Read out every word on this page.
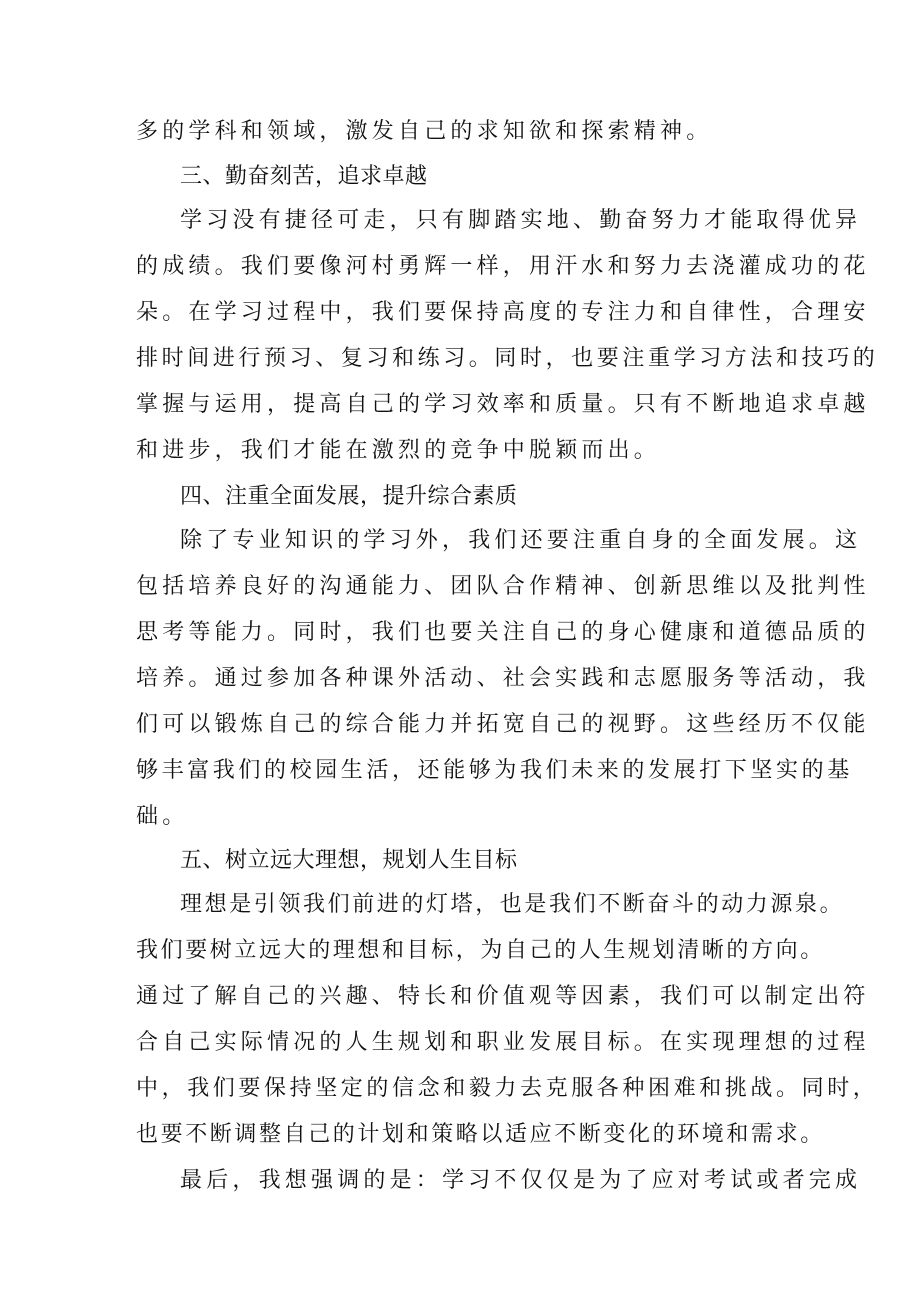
多的学科和领域，激发自己的求知欲和探索精神。
三、勤奋刻苦，追求卓越
学习没有捷径可走，只有脚踏实地、勤奋努力才能取得优异
的成绩。我们要像河村勇辉一样，用汗水和努力去浇灌成功的花
朵。在学习过程中，我们要保持高度的专注力和自律性，合理安
排时间进行预习、复习和练习。同时，也要注重学习方法和技巧的
掌握与运用，提高自己的学习效率和质量。只有不断地追求卓越
和进步，我们才能在激烈的竞争中脱颖而出。
四、注重全面发展，提升综合素质
除了专业知识的学习外，我们还要注重自身的全面发展。这
包括培养良好的沟通能力、团队合作精神、创新思维以及批判性
思考等能力。同时，我们也要关注自己的身心健康和道德品质的
培养。通过参加各种课外活动、社会实践和志愿服务等活动，我
们可以锻炼自己的综合能力并拓宽自己的视野。这些经历不仅能
够丰富我们的校园生活，还能够为我们未来的发展打下坚实的基
础。
五、树立远大理想，规划人生目标
理想是引领我们前进的灯塔，也是我们不断奋斗的动力源泉。
我们要树立远大的理想和目标，为自己的人生规划清晰的方向。
通过了解自己的兴趣、特长和价值观等因素，我们可以制定出符
合自己实际情况的人生规划和职业发展目标。在实现理想的过程
中，我们要保持坚定的信念和毅力去克服各种困难和挑战。同时，
也要不断调整自己的计划和策略以适应不断变化的环境和需求。
最后，我想强调的是：学习不仅仅是为了应对考试或者完成
